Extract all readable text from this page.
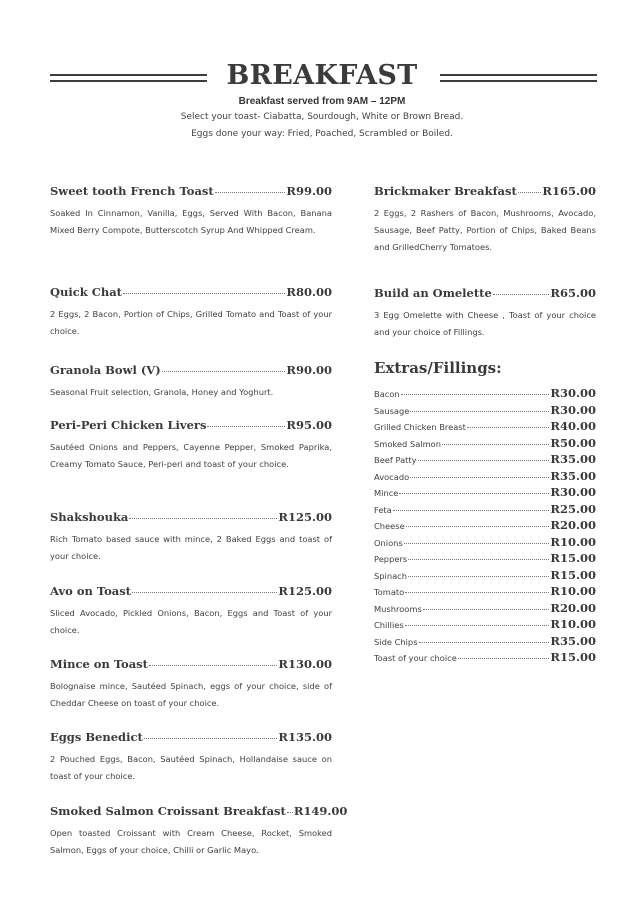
BREAKFAST
Breakfast served from 9AM – 12PM
Select your toast- Ciabatta, Sourdough, White or Brown Bread.
Eggs done your way: Fried, Poached, Scrambled or Boiled.
Sweet tooth French Toast	R99.00
Soaked In Cinnamon, Vanilla, Eggs, Served With Bacon, Banana Mixed Berry Compote, Butterscotch Syrup And Whipped Cream.
Quick Chat	R80.00
2 Eggs, 2 Bacon, Portion of Chips, Grilled Tomato and Toast of your choice.
Granola Bowl (V)	R90.00
Seasonal Fruit selection, Granola, Honey and Yoghurt.
Peri-Peri Chicken Livers	R95.00
Sautéed Onions and Peppers, Cayenne Pepper, Smoked Paprika, Creamy Tomato Sauce, Peri-peri and toast of your choice.
Shakshouka	R125.00
Rich Tomato based sauce with mince, 2 Baked Eggs and toast of your choice.
Avo on Toast	R125.00
Sliced Avocado, Pickled Onions, Bacon, Eggs and Toast of your choice.
Mince on Toast	R130.00
Bolognaise mince, Sautéed Spinach, eggs of your choice, side of Cheddar Cheese on toast of your choice.
Eggs Benedict	R135.00
2 Pouched Eggs, Bacon, Sautéed Spinach, Hollandaise sauce on toast of your choice.
Smoked Salmon Croissant Breakfast R149.00
Open toasted Croissant with Cream Cheese, Rocket, Smoked Salmon, Eggs of your choice, Chilli or Garlic Mayo.
Brickmaker Breakfast R165.00
2 Eggs, 2 Rashers of Bacon, Mushrooms, Avocado, Sausage, Beef Patty, Portion of Chips, Baked Beans and GrilledCherry Tomatoes.
Build an Omelette	R65.00
3 Egg Omelette with Cheese , Toast of your choice and your choice of Fillings.
Extras/Fillings:
Bacon	R30.00
Sausage	R30.00
Grilled Chicken Breast	R40.00
Smoked Salmon	R50.00
Beef Patty	R35.00
Avocado	R35.00
Mince	R30.00
Feta	R25.00
Cheese	R20.00
Onions	R10.00
Peppers	R15.00
Spinach	R15.00
Tomato	R10.00
Mushrooms	R20.00
Chillies	R10.00
Side Chips	R35.00
Toast of your choice	R15.00
